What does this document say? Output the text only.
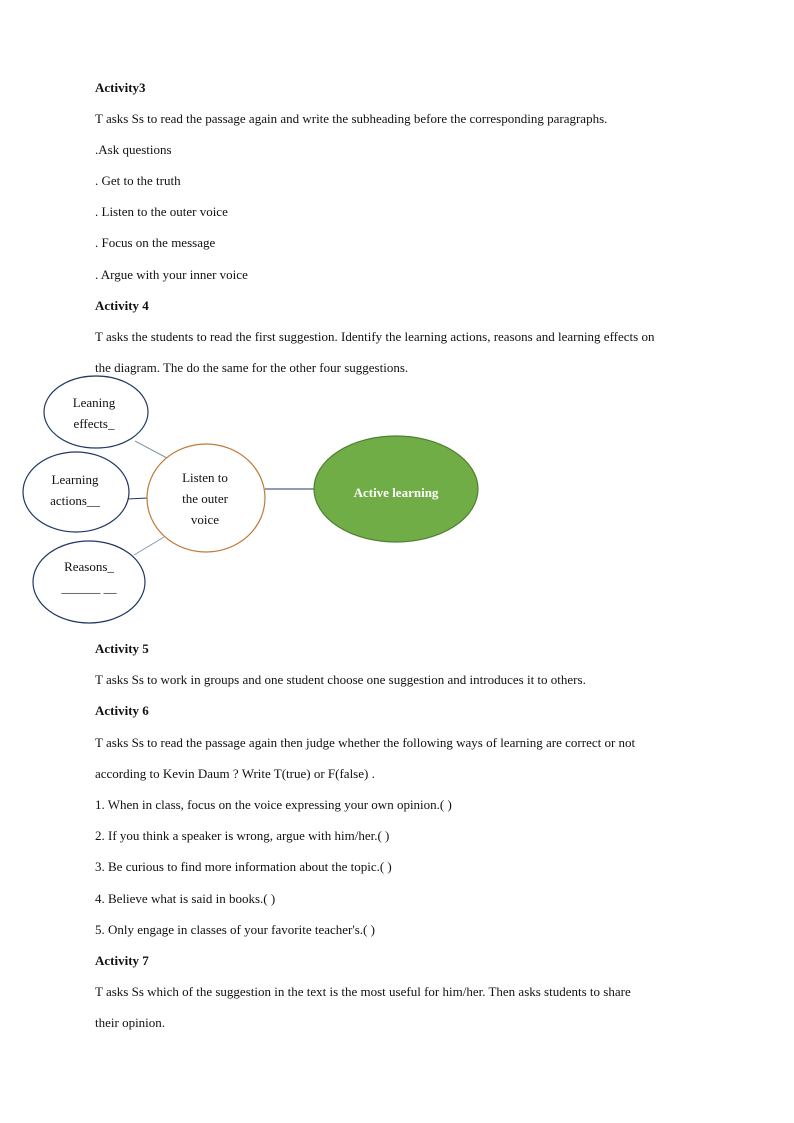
Activity3
T asks Ss to read the passage again and write the subheading before the corresponding paragraphs.
.Ask questions
. Get to the truth
. Listen to the outer voice
. Focus on the message
. Argue with your inner voice
Activity 4
T asks the students to read the first suggestion. Identify the learning actions, reasons and learning effects on
the diagram. The do the same for the other four suggestions.
Leaning
effects_
Learning
actions__
Reasons_
______ __
Listen to
the outer
voice
Active learning
Activity 5
T asks Ss to work in groups and one student choose one suggestion and introduces it to others.
Activity 6
T asks Ss to read the passage again then judge whether the following ways of learning are correct or not
according to Kevin Daum ? Write T(true) or F(false) .
1. When in class, focus on the voice expressing your own opinion.( )
2. If you think a speaker is wrong, argue with him/her.( )
3. Be curious to find more information about the topic.( )
4. Believe what is said in books.( )
5. Only engage in classes of your favorite teacher's.( )
Activity 7
T asks Ss which of the suggestion in the text is the most useful for him/her. Then asks students to share
their opinion.
